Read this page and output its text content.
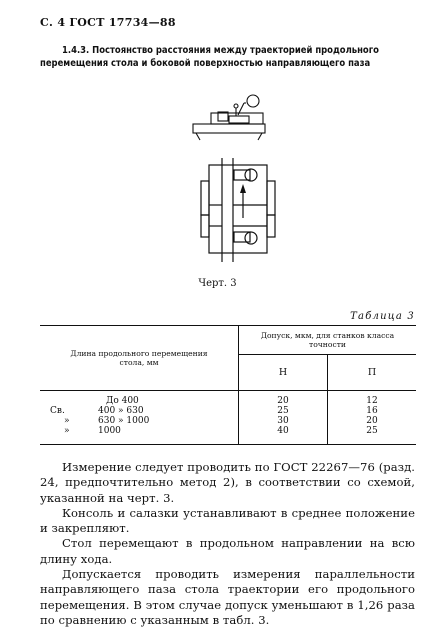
С. 4 ГОСТ 17734—88
1.4.3. Постоянство расстояния между траекторией продольного перемещения стола и боковой поверхностью направляющего паза
Черт. 3
Таблица 3
Длина продольного перемещения стола, мм	Допуск, мкм, для станков класса точности	

	Н	П
До 400	20	12
Св. 400 » 630	25	16
» 630 » 1000	30	20
» 1000	40	25

Измерение следует проводить по ГОСТ 22267—76 (разд. 24, предпочтительно метод 2), в соответствии со схемой, указанной на черт. 3.

Консоль и салазки устанавливают в среднее положение и закрепляют.

Стол перемещают в продольном направлении на всю длину хода.

Допускается проводить измерения параллельности направляющего паза стола траектории его продольного перемещения. В этом случае допуск уменьшают в 1,26 раза по сравнению с указанным в табл. 3.
